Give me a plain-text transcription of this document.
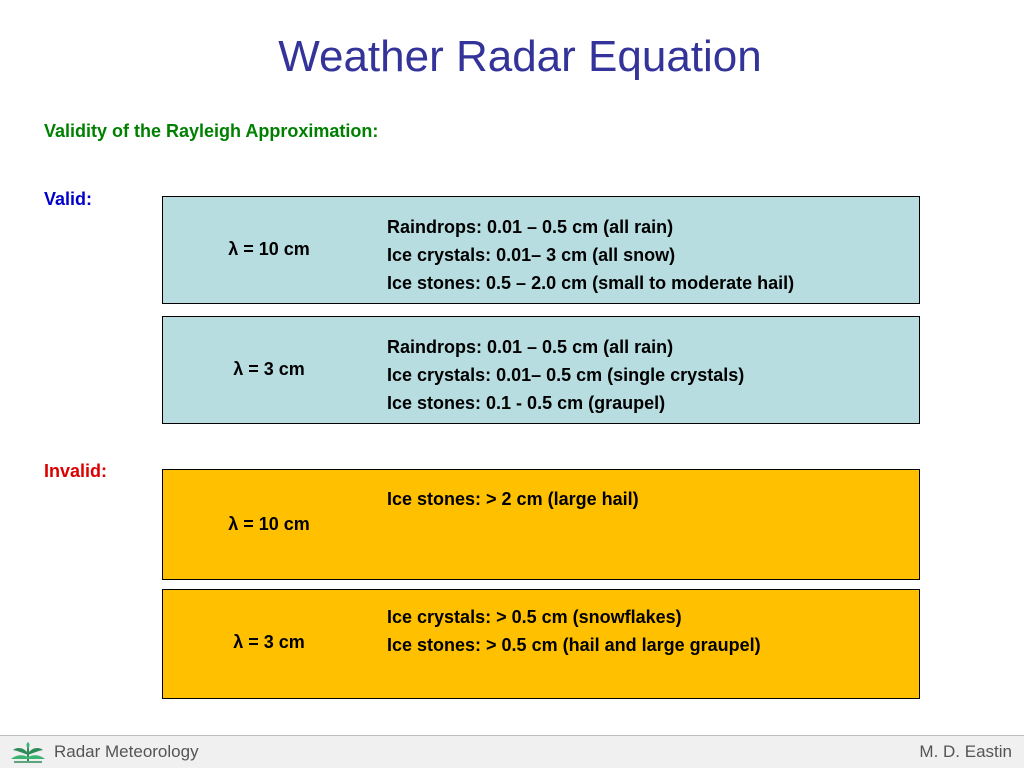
Weather Radar Equation
Validity of the Rayleigh Approximation:
Valid:
λ = 10 cm
Raindrops: 0.01 – 0.5 cm (all rain)
Ice crystals: 0.01– 3 cm (all snow)
Ice stones: 0.5 – 2.0 cm (small to moderate hail)
λ = 3 cm
Raindrops: 0.01 – 0.5 cm (all rain)
Ice crystals: 0.01– 0.5 cm (single crystals)
Ice stones: 0.1 - 0.5 cm (graupel)
Invalid:
λ = 10 cm
Ice stones: > 2 cm (large hail)
λ = 3 cm
Ice crystals: > 0.5 cm (snowflakes)
Ice stones: > 0.5 cm (hail and large graupel)
Radar Meteorology	M. D. Eastin
